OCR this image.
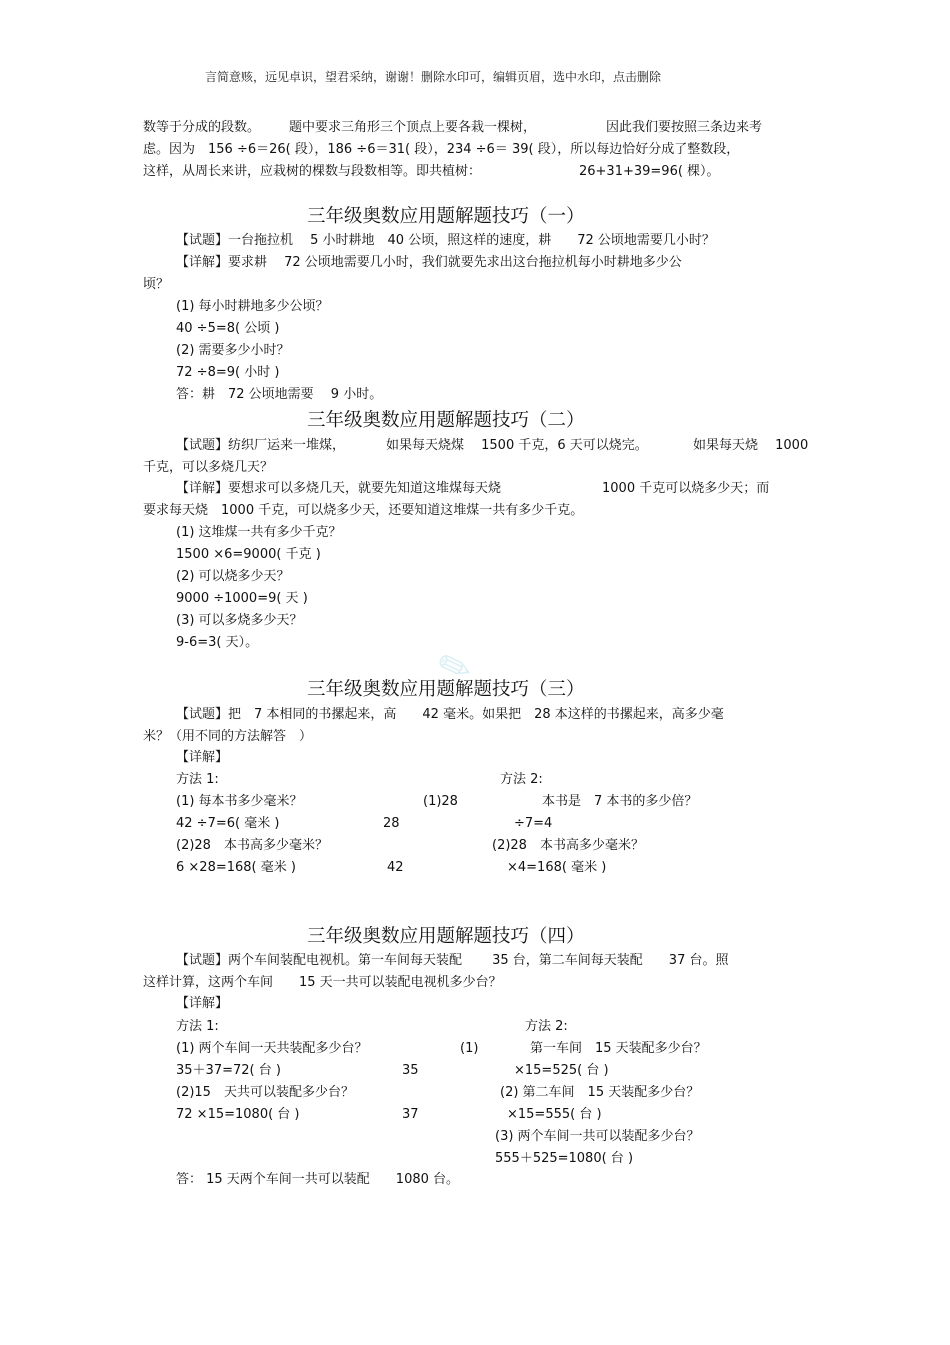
言简意赅，远见卓识，望君采纳，谢谢！删除水印可，编辑页眉，选中水印，点击删除
数等于分成的段数。 题中要求三角形三个顶点上要各栽一棵树，	因此我们要按照三条边来考
虑。因为　156 ÷6＝26( 段），186 ÷6＝31( 段），234 ÷6＝ 39( 段），所以每边恰好分成了整数段，
这样，从周长来讲，应栽树的棵数与段数相等。即共植树：	26+31+39=96( 棵）。
三年级奥数应用题解题技巧（一）
【试题】一台拖拉机　 5 小时耕地　40 公顷，照这样的速度，耕　　72 公顷地需要几小时？
【详解】要求耕　 72 公顷地需要几小时，我们就要先求出这台拖拉机每小时耕地多少公
顷？
(1) 每小时耕地多少公顷？
40 ÷5=8( 公顷 )
(2) 需要多少小时？
72 ÷8=9( 小时 )
答：耕　72 公顷地需要　 9 小时。
三年级奥数应用题解题技巧（二）
【试题】纺织厂运来一堆煤，	如果每天烧煤　 1500 千克，6 天可以烧完。	如果每天烧　 1000
千克，可以多烧几天？
【详解】要想求可以多烧几天，就要先知道这堆煤每天烧	1000 千克可以烧多少天；而
要求每天烧　1000 千克，可以烧多少天，还要知道这堆煤一共有多少千克。
(1) 这堆煤一共有多少千克？
1500 ×6=9000( 千克 )
(2) 可以烧多少天？
9000 ÷1000=9( 天 )
(3) 可以多烧多少天？
9-6=3( 天）。	✎
三年级奥数应用题解题技巧（三）
【试题】把　7 本相同的书摞起来，高　　42 毫米。如果把　28 本这样的书摞起来，高多少毫
米？（用不同的方法解答　）
【详解】
方法 1:	方法 2:
(1) 每本书多少毫米？
42 ÷7=6( 毫米 )
(2)28　本书高多少毫米？
6 ×28=168( 毫米 )
(1)28	本书是　7 本书的多少倍？
28	÷7=4
(2)28　本书高多少毫米？
42	×4=168( 毫米 )
三年级奥数应用题解题技巧（四）
【试题】两个车间装配电视机。第一车间每天装配　　 35 台，第二车间每天装配　　37 台。照
这样计算，这两个车间　　15 天一共可以装配电视机多少台？
【详解】
方法 1:	方法 2:
(1) 两个车间一天共装配多少台？
35＋37=72( 台 )
(2)15　天共可以装配多少台？
72 ×15=1080( 台 )
(1)	第一车间　15 天装配多少台？
35	×15=525( 台 )
(2) 第二车间　15 天装配多少台？
37	×15=555( 台 )
(3) 两个车间一共可以装配多少台？
555＋525=1080( 台 )
答： 15 天两个车间一共可以装配　　1080 台。
